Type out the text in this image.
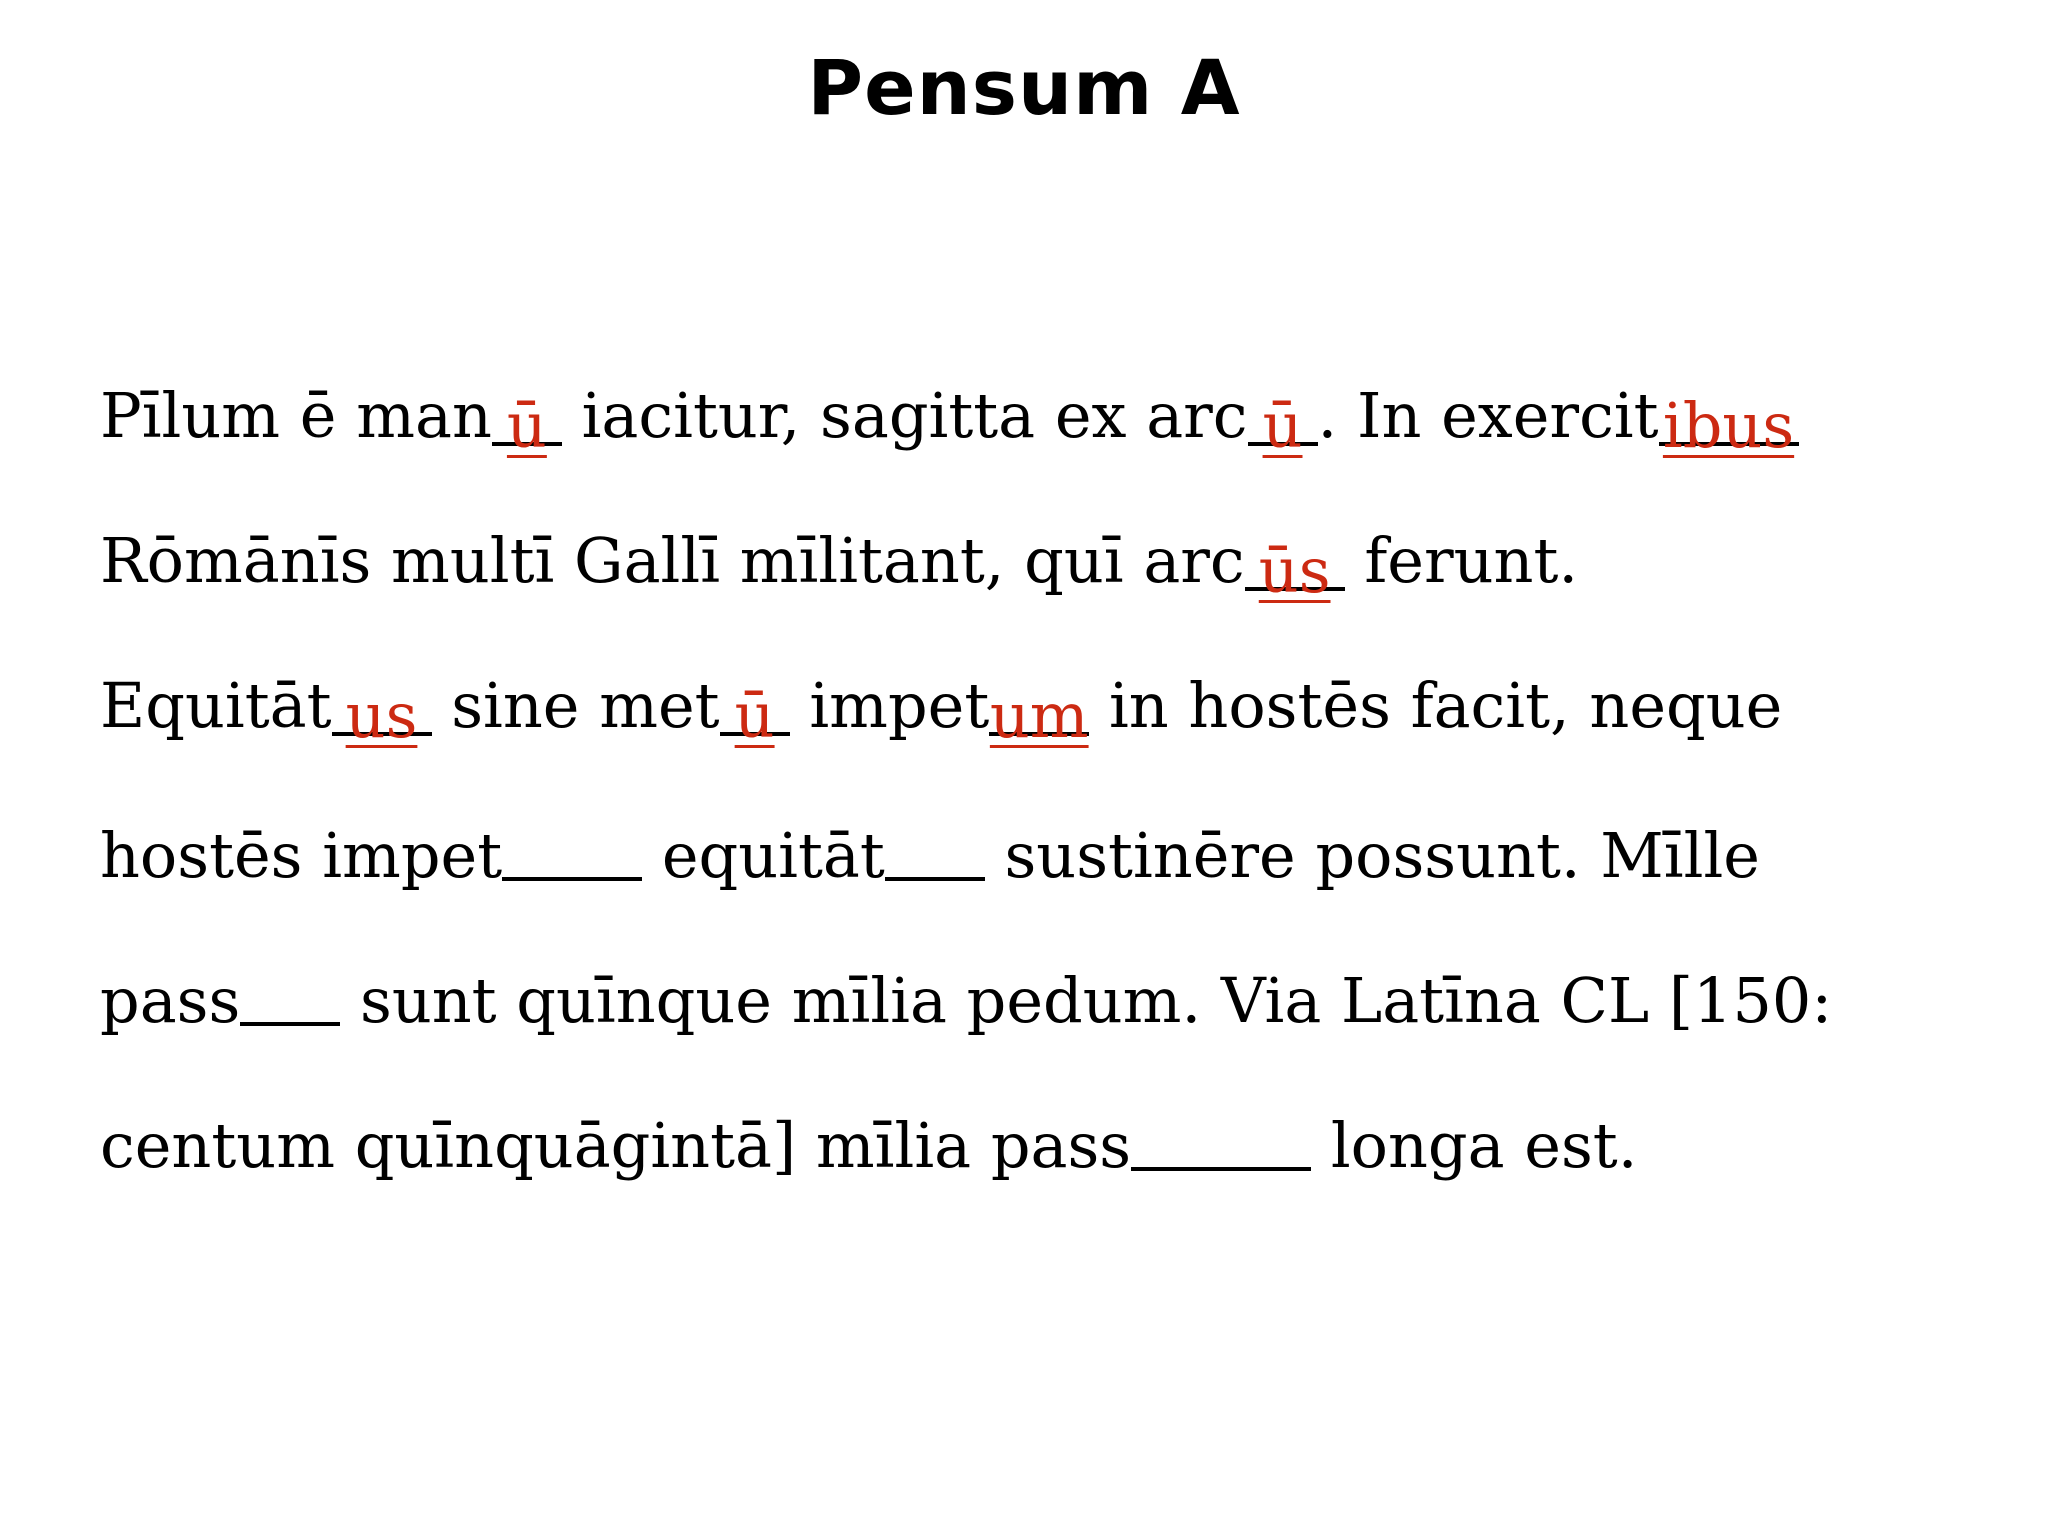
Pensum A
Pīlum ē man ū iacitur, sagitta ex arc ū . In exercitibus
Rōmānīs multī Gallī mīlitant, quī arc ūs ferunt.
Equitāt us sine met ū impetum in hostēs facit, neque
hostēs impet equitāt sustinēre possunt. Mīlle
pass sunt quīnque mīlia pedum. Via Latīna CL [150:
centum quīnquāgintā] mīlia pass	longa est.
